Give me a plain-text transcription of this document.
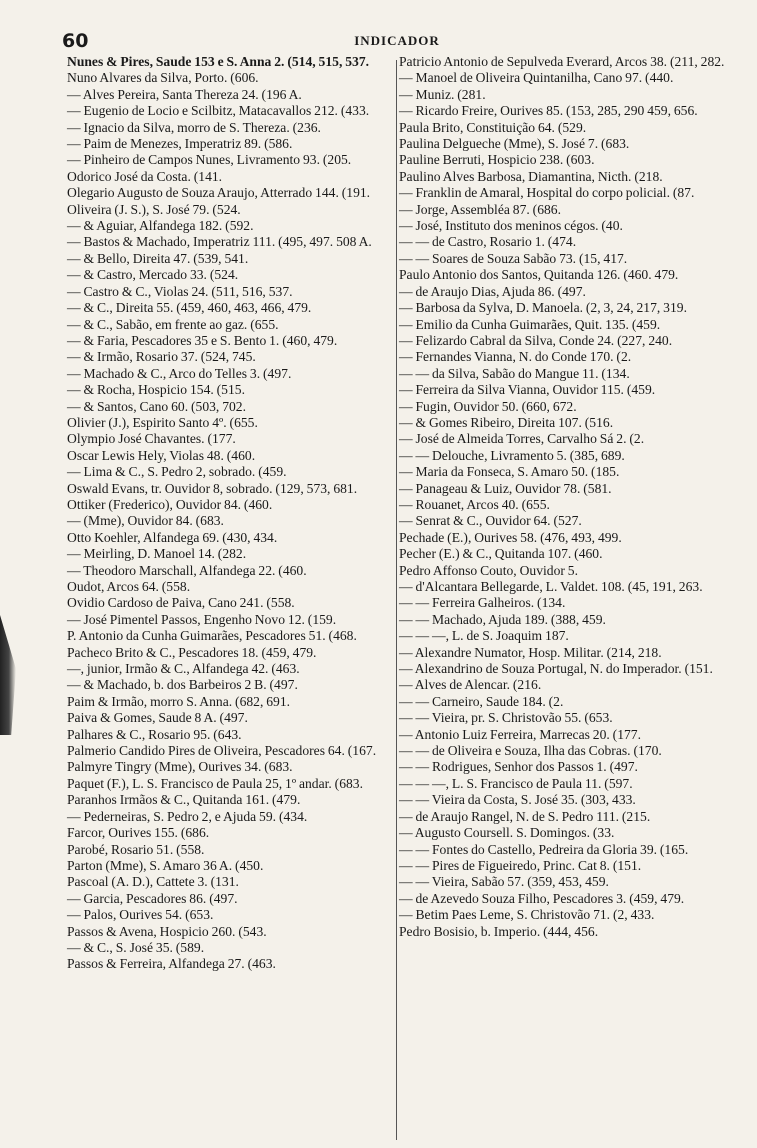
60	INDICADOR
Nunes & Pires, Saude 153 e S. Anna 2. (514, 515, 537.
Nuno Alvares da Silva, Porto. (606.
— Alves Pereira, Santa Thereza 24. (196 A.
— Eugenio de Locio e Scilbitz, Matacavallos 212. (433.
— Ignacio da Silva, morro de S. Thereza. (236.
— Paim de Menezes, Imperatriz 89. (586.
— Pinheiro de Campos Nunes, Livramento 93. (205.
Odorico José da Costa. (141.
Olegario Augusto de Souza Araujo, Atterrado 144. (191.
Oliveira (J. S.), S. José 79. (524.
— & Aguiar, Alfandega 182. (592.
— Bastos & Machado, Imperatriz 111. (495, 497. 508 A.
— & Bello, Direita 47. (539, 541.
— & Castro, Mercado 33. (524.
— Castro & C., Violas 24. (511, 516, 537.
— & C., Direita 55. (459, 460, 463, 466, 479.
— & C., Sabão, em frente ao gaz. (655.
— & Faria, Pescadores 35 e S. Bento 1. (460, 479.
— & Irmão, Rosario 37. (524, 745.
— Machado & C., Arco do Telles 3. (497.
— & Rocha, Hospicio 154. (515.
— & Santos, Cano 60. (503, 702.
Olivier (J.), Espirito Santo 4º. (655.
Olympio José Chavantes. (177.
Oscar Lewis Hely, Violas 48. (460.
— Lima & C., S. Pedro 2, sobrado. (459.
Oswald Evans, tr. Ouvidor 8, sobrado. (129, 573, 681.
Ottiker (Frederico), Ouvidor 84. (460.
— (Mme), Ouvidor 84. (683.
Otto Koehler, Alfandega 69. (430, 434.
— Meirling, D. Manoel 14. (282.
— Theodoro Marschall, Alfandega 22. (460.
Oudot, Arcos 64. (558.
Ovidio Cardoso de Paiva, Cano 241. (558.
— José Pimentel Passos, Engenho Novo 12. (159.
P. Antonio da Cunha Guimarães, Pescadores 51. (468.
Pacheco Brito & C., Pescadores 18. (459, 479.
—, junior, Irmão & C., Alfandega 42. (463.
— & Machado, b. dos Barbeiros 2 B. (497.
Paim & Irmão, morro S. Anna. (682, 691.
Paiva & Gomes, Saude 8 A. (497.
Palhares & C., Rosario 95. (643.
Palmerio Candido Pires de Oliveira, Pescadores 64. (167.
Palmyre Tingry (Mme), Ourives 34. (683.
Paquet (F.), L. S. Francisco de Paula 25, 1º andar. (683.
Paranhos Irmãos & C., Quitanda 161. (479.
— Pederneiras, S. Pedro 2, e Ajuda 59. (434.
Farcor, Ourives 155. (686.
Parobé, Rosario 51. (558.
Parton (Mme), S. Amaro 36 A. (450.
Pascoal (A. D.), Cattete 3. (131.
— Garcia, Pescadores 86. (497.
— Palos, Ourives 54. (653.
Passos & Avena, Hospicio 260. (543.
— & C., S. José 35. (589.
Passos & Ferreira, Alfandega 27. (463.
Patricio Antonio de Sepulveda Everard, Arcos 38. (211, 282.
— Manoel de Oliveira Quintanilha, Cano 97. (440.
— Muniz. (281.
— Ricardo Freire, Ourives 85. (153, 285, 290 459, 656.
Paula Brito, Constituição 64. (529.
Paulina Delgueche (Mme), S. José 7. (683.
Pauline Berruti, Hospicio 238. (603.
Paulino Alves Barbosa, Diamantina, Nicth. (218.
— Franklin de Amaral, Hospital do corpo policial. (87.
— Jorge, Assembléa 87. (686.
— José, Instituto dos meninos cégos. (40.
— — de Castro, Rosario 1. (474.
— — Soares de Souza Sabão 73. (15, 417.
Paulo Antonio dos Santos, Quitanda 126. (460. 479.
— de Araujo Dias, Ajuda 86. (497.
— Barbosa da Sylva, D. Manoela. (2, 3, 24, 217, 319.
— Emilio da Cunha Guimarães, Quit. 135. (459.
— Felizardo Cabral da Silva, Conde 24. (227, 240.
— Fernandes Vianna, N. do Conde 170. (2.
— — da Silva, Sabão do Mangue 11. (134.
— Ferreira da Silva Vianna, Ouvidor 115. (459.
— Fugin, Ouvidor 50. (660, 672.
— & Gomes Ribeiro, Direita 107. (516.
— José de Almeida Torres, Carvalho Sá 2. (2.
— — Delouche, Livramento 5. (385, 689.
— Maria da Fonseca, S. Amaro 50. (185.
— Panageau & Luiz, Ouvidor 78. (581.
— Rouanet, Arcos 40. (655.
— Senrat & C., Ouvidor 64. (527.
Pechade (E.), Ourives 58. (476, 493, 499.
Pecher (E.) & C., Quitanda 107. (460.
Pedro Affonso Couto, Ouvidor 5.
— d'Alcantara Bellegarde, L. Valdet. 108. (45, 191, 263.
— — Ferreira Galheiros. (134.
— — Machado, Ajuda 189. (388, 459.
— — —, L. de S. Joaquim 187.
— Alexandre Numator, Hosp. Militar. (214, 218.
— Alexandrino de Souza Portugal, N. do Imperador. (151.
— Alves de Alencar. (216.
— — Carneiro, Saude 184. (2.
— — Vieira, pr. S. Christovão 55. (653.
— Antonio Luiz Ferreira, Marrecas 20. (177.
— — de Oliveira e Souza, Ilha das Cobras. (170.
— — Rodrigues, Senhor dos Passos 1. (497.
— — —, L. S. Francisco de Paula 11. (597.
— — Vieira da Costa, S. José 35. (303, 433.
— de Araujo Rangel, N. de S. Pedro 111. (215.
— Augusto Coursell. S. Domingos. (33.
— — Fontes do Castello, Pedreira da Gloria 39. (165.
— — Pires de Figueiredo, Princ. Cat 8. (151.
— — Vieira, Sabão 57. (359, 453, 459.
— de Azevedo Souza Filho, Pescadores 3. (459, 479.
— Betim Paes Leme, S. Christovão 71. (2, 433.
Pedro Bosisio, b. Imperio. (444, 456.
